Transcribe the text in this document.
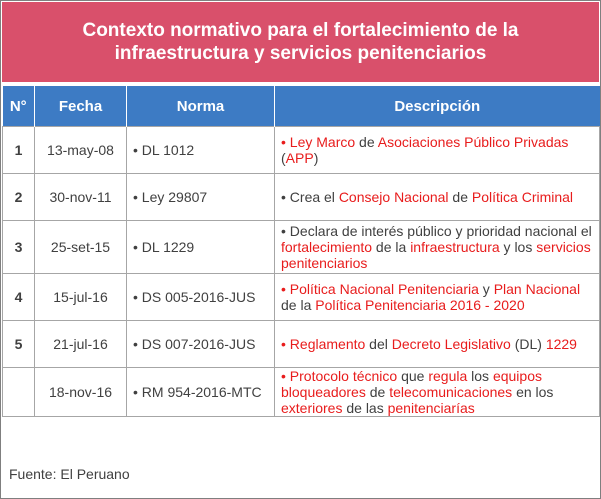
Contexto normativo para el fortalecimiento de la infraestructura y servicios penitenciarios
N°	Fecha	Norma	Descripción
1	13-may-08	• DL 1012	• Ley Marco de Asociaciones Público Privadas (APP)
2	30-nov-11	• Ley 29807	• Crea el Consejo Nacional de Política Criminal
3	25-set-15	• DL 1229	• Declara de interés público y prioridad nacional el fortalecimiento de la infraestructura y los servicios penitenciarios
4	15-jul-16	• DS 005-2016-JUS	• Política Nacional Penitenciaria y Plan Nacional de la Política Penitenciaria 2016 - 2020
5	21-jul-16	• DS 007-2016-JUS	• Reglamento del Decreto Legislativo (DL) 1229
	18-nov-16	• RM 954-2016-MTC	• Protocolo técnico que regula los equipos bloqueadores de telecomunicaciones en los exteriores de las penitenciarías
Fuente: El Peruano
